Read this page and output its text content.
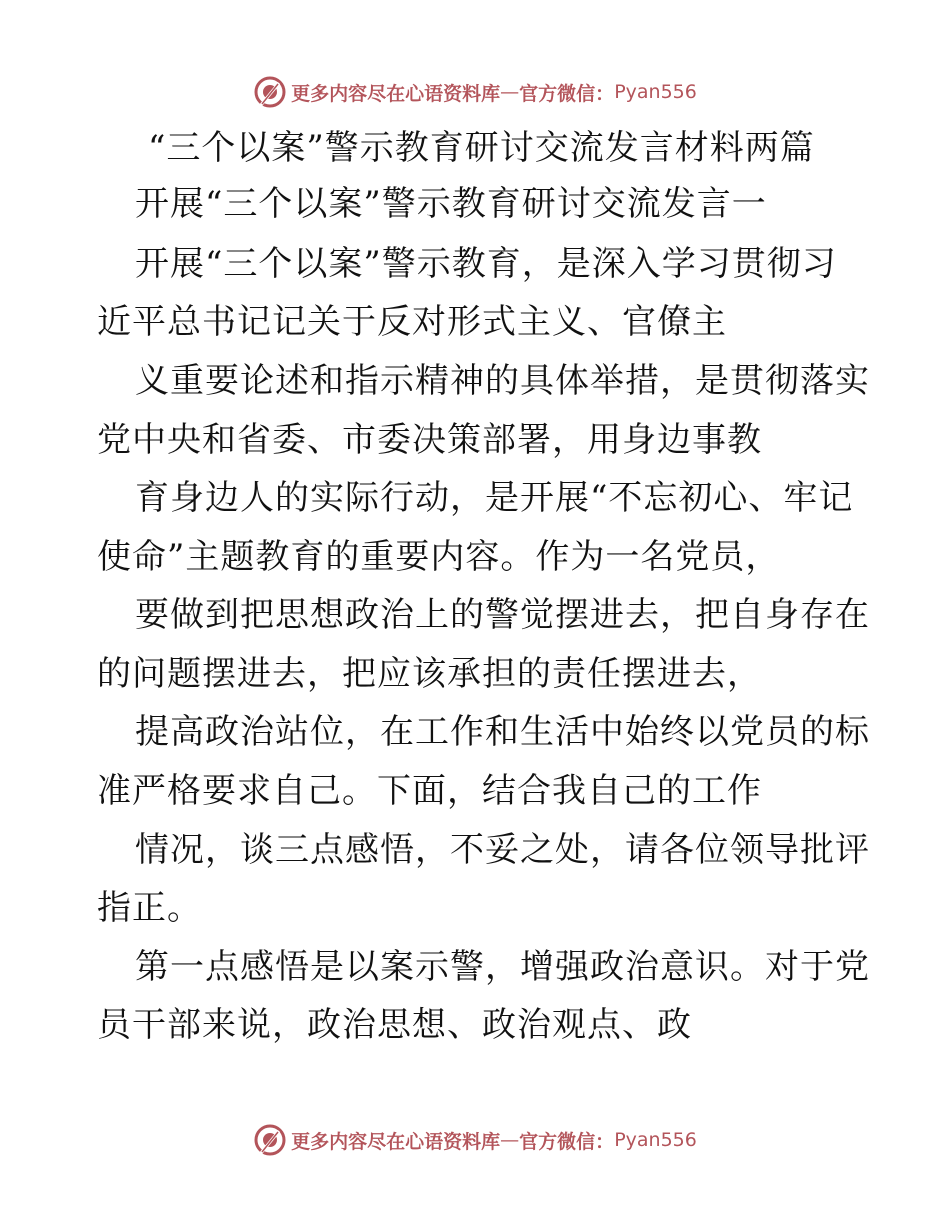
更多内容尽在心语资料库 — 官方微信： Pyan556
“三个以案”警示教育研讨交流发言材料两篇
开展“三个以案”警示教育研讨交流发言一
开展“三个以案”警示教育，是深入学习贯彻习
近平总书记记关于反对形式主义、官僚主
义重要论述和指示精神的具体举措，是贯彻落实
党中央和省委、市委决策部署，用身边事教
育身边人的实际行动，是开展“不忘初心、牢记
使命”主题教育的重要内容。作为一名党员，
要做到把思想政治上的警觉摆进去，把自身存在
的问题摆进去，把应该承担的责任摆进去，
提高政治站位，在工作和生活中始终以党员的标
准严格要求自己。下面，结合我自己的工作
情况，谈三点感悟，不妥之处，请各位领导批评
指正。
第一点感悟是以案示警，增强政治意识。对于党
员干部来说，政治思想、政治观点、政
更多内容尽在心语资料库 — 官方微信： Pyan556
